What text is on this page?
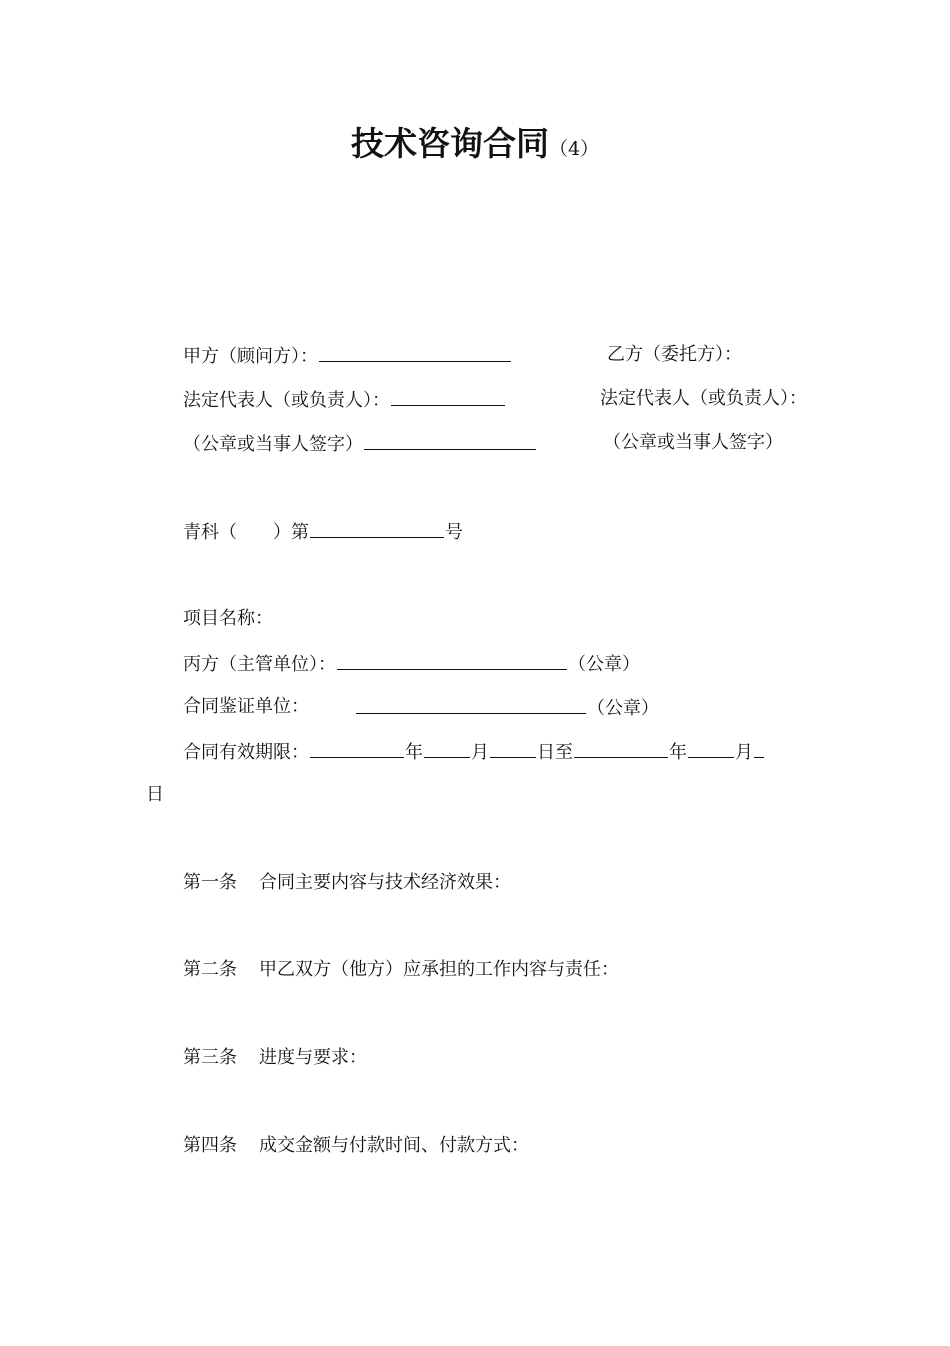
技术咨询合同（4）
甲方（顾问方）：	乙方（委托方）：
法定代表人（或负责人）：	法定代表人（或负责人）：
（公章或当事人签字）	（公章或当事人签字）
青科（　　）第	号
项目名称：
丙方（主管单位）：	（公章）
合同鉴证单位：	（公章）
合同有效期限：	年	月	日至	年	月
日
第一条 合同主要内容与技术经济效果：
第二条 甲乙双方（他方）应承担的工作内容与责任：
第三条 进度与要求：
第四条 成交金额与付款时间、付款方式：
